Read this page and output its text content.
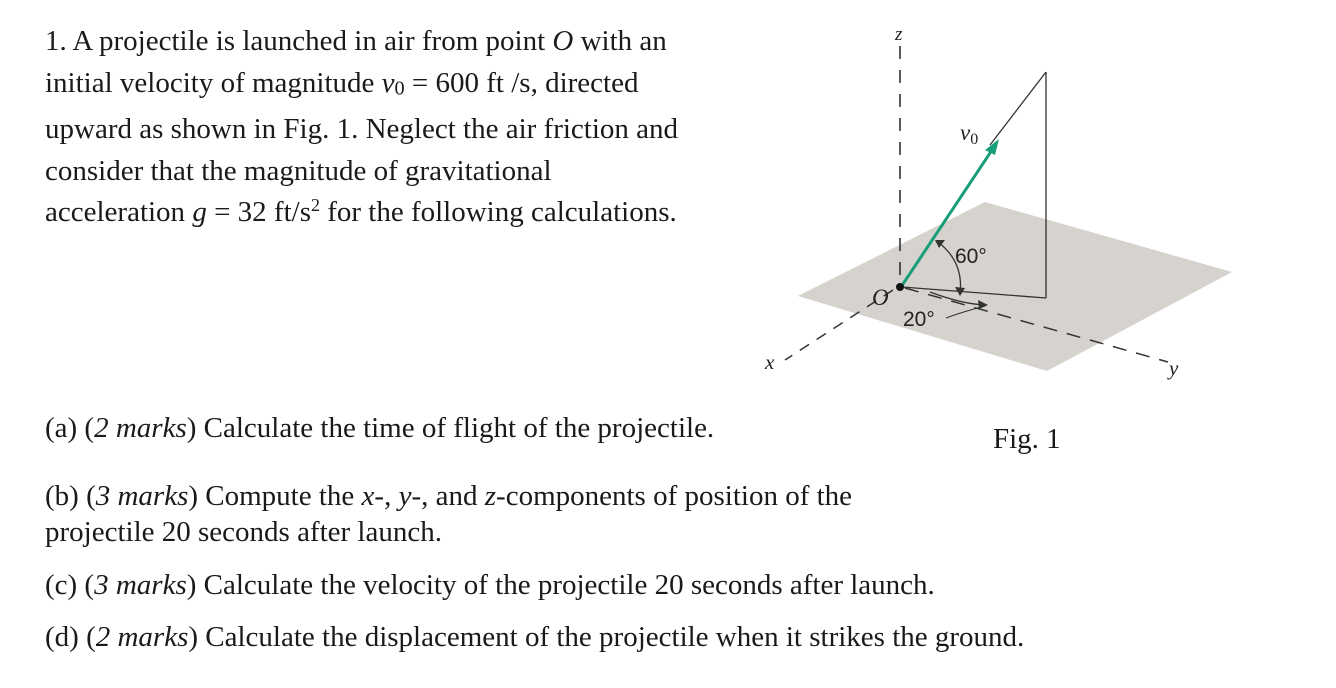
1. A projectile is launched in air from point O with an
initial velocity of magnitude v0 = 600 ft /s, directed
upward as shown in Fig. 1. Neglect the air friction and
consider that the magnitude of gravitational
acceleration g = 32 $ft/s^2$ for the following calculations.
(a) (2 marks) Calculate the time of flight of the projectile.
(b) (3 marks) Compute the x-, y-, and z-components of position of the
projectile 20 seconds after launch.
(c) (3 marks) Calculate the velocity of the projectile 20 seconds after launch.
(d) (2 marks) Calculate the displacement of the projectile when it strikes the ground.
z
x	y
O
v0
60°
20°
Fig. 1
